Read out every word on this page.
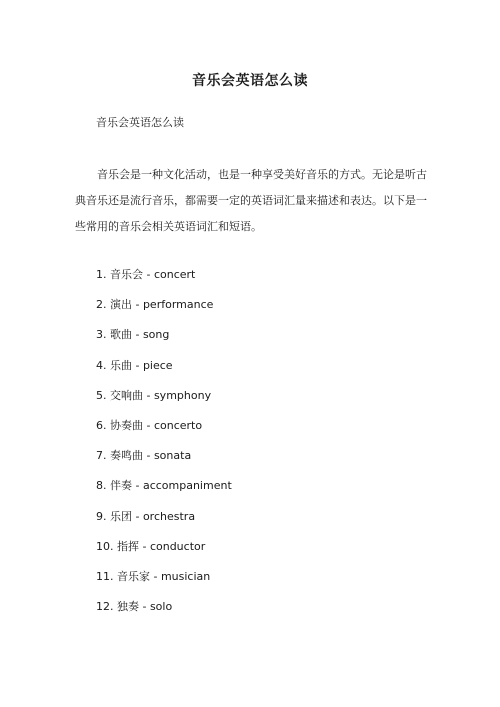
音乐会英语怎么读
音乐会英语怎么读
音乐会是一种文化活动，也是一种享受美好音乐的方式。无论是听古典音乐还是流行音乐，都需要一定的英语词汇量来描述和表达。以下是一些常用的音乐会相关英语词汇和短语。
1. 音乐会 - concert
2. 演出 - performance
3. 歌曲 - song
4. 乐曲 - piece
5. 交响曲 - symphony
6. 协奏曲 - concerto
7. 奏鸣曲 - sonata
8. 伴奏 - accompaniment
9. 乐团 - orchestra
10. 指挥 - conductor
11. 音乐家 - musician
12. 独奏 - solo
